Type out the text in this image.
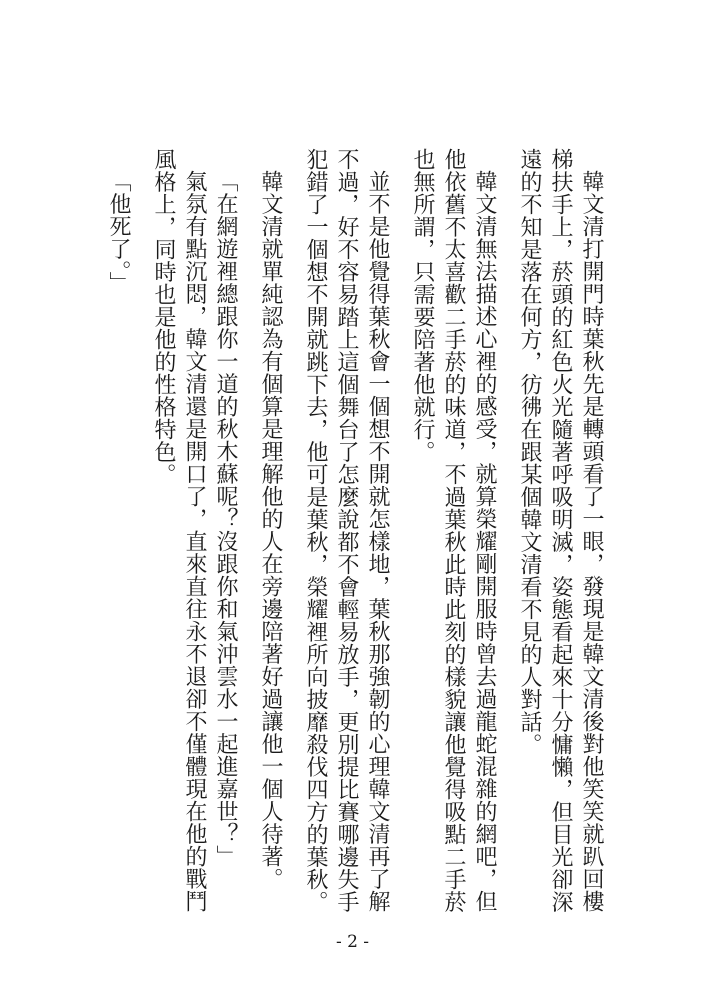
韓文清打開門時葉秋先是轉頭看了一眼，發現是韓文清後對他笑笑就趴回樓梯扶手上，菸頭的紅色火光隨著呼吸明滅，姿態看起來十分慵懶，但目光卻深遠的不知是落在何方，彷彿在跟某個韓文清看不見的人對話。

韓文清無法描述心裡的感受，就算榮耀剛開服時曾去過龍蛇混雜的網吧，但他依舊不太喜歡二手菸的味道，不過葉秋此時此刻的樣貌讓他覺得吸點二手菸也無所謂，只需要陪著他就行。

並不是他覺得葉秋會一個想不開就怎樣地，葉秋那強韌的心理韓文清再了解不過，好不容易踏上這個舞台了怎麼說都不會輕易放手，更別提比賽哪邊失手犯錯了一個想不開就跳下去，他可是葉秋，榮耀裡所向披靡殺伐四方的葉秋。

韓文清就單純認為有個算是理解他的人在旁邊陪著好過讓他一個人待著。

「在網遊裡總跟你一道的秋木蘇呢？沒跟你和氣沖雲水一起進嘉世？」

氣氛有點沉悶，韓文清還是開口了，直來直往永不退卻不僅體現在他的戰鬥風格上，同時也是他的性格特色。

「他死了。」

- 2 -
